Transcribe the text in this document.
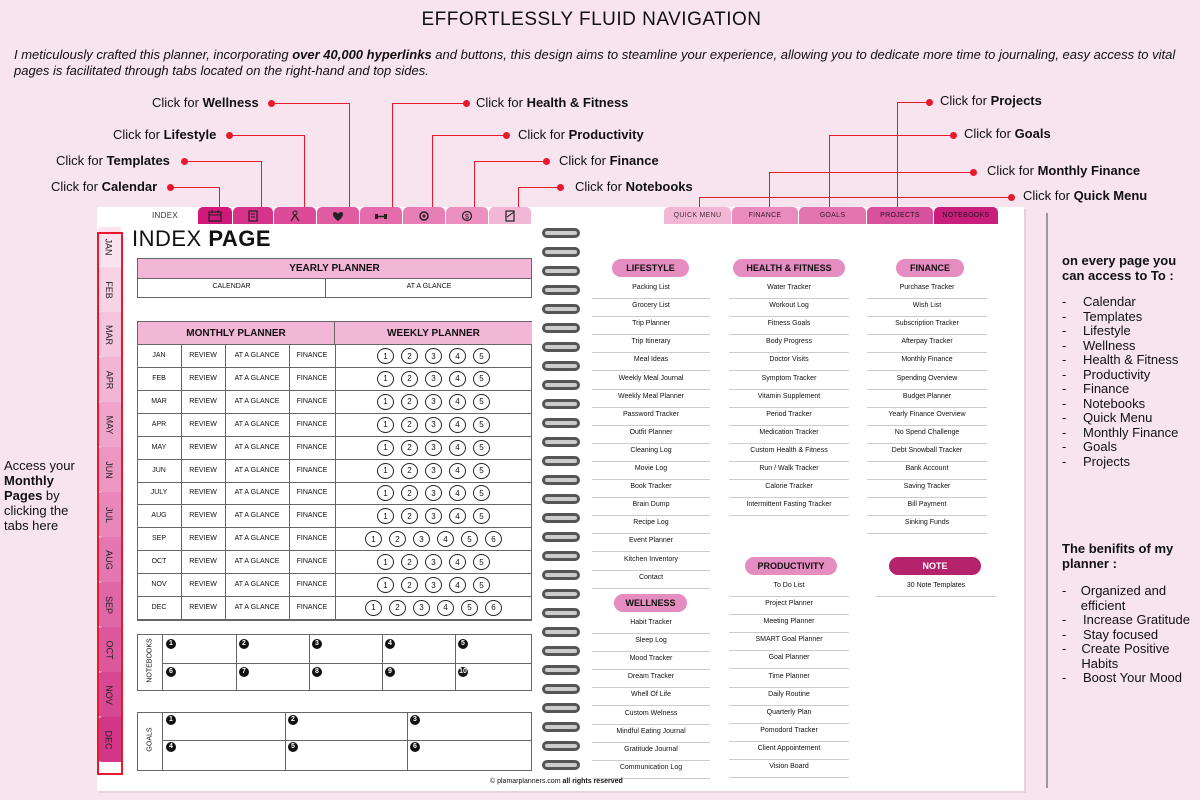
EFFORTLESSLY FLUID NAVIGATION
I meticulously crafted this planner, incorporating over 40,000 hyperlinks and buttons, this design aims to steamline your experience, allowing you to dedicate more time to journaling, easy access to vital pages is facilitated through tabs located on the right-hand and top sides.
Click for Wellness
Click for Lifestyle
Click for Templates
Click for Calendar
Click for Health & Fitness
Click for Productivity
Click for Finance
Click for Notebooks
Click for Projects
Click for Goals
Click for Monthly Finance
Click for Quick Menu
INDEX	$	QUICK MENU	FINANCE	GOALS	PROJECTS	NOTEBOOKS
JAN
FEB
MAR
APR
MAY
JUN
JUL
AUG
SEP
OCT
NOV
DEC
Access your Monthly Pages by clicking the tabs here
INDEX PAGE
YEARLY PLANNER
CALENDAR	AT A GLANCE
MONTHLY PLANNER	WEEKLY PLANNER
JAN	REVIEW	AT A GLANCE	FINANCE	1	2	3	4	5
FEB	REVIEW	AT A GLANCE	FINANCE	1	2	3	4	5
MAR	REVIEW	AT A GLANCE	FINANCE	1	2	3	4	5
APR	REVIEW	AT A GLANCE	FINANCE	1	2	3	4	5
MAY	REVIEW	AT A GLANCE	FINANCE	1	2	3	4	5
JUN	REVIEW	AT A GLANCE	FINANCE	1	2	3	4	5
JULY	REVIEW	AT A GLANCE	FINANCE	1	2	3	4	5
AUG	REVIEW	AT A GLANCE	FINANCE	1	2	3	4	5
SEP	REVIEW	AT A GLANCE	FINANCE	1	2	3	4	5	6
OCT	REVIEW	AT A GLANCE	FINANCE	1	2	3	4	5
NOV	REVIEW	AT A GLANCE	FINANCE	1	2	3	4	5
DEC	REVIEW	AT A GLANCE	FINANCE	1	2	3	4	5	6
NOTEBOOKS	1	2	3	4	5
6	7	8	9	10
GOALS
1	2	3
4	5	6
LIFESTYLE
Packing List
Grocery List
Trip Planner
Trip Itinerary
Meal Ideas
Weekly Meal Journal
Weekly Meal Planner
Password Tracker
Outfit Planner
Cleaning Log
Movie Log
Book Tracker
Brain Dump
Recipe Log
Event Planner
Kitchen Inventory
Contact
HEALTH & FITNESS
Water Tracker
Workout Log
Fitness Goals
Body Progress
Doctor Visits
Symptom Tracker
Vitamin Supplement
Period Tracker
Medication Tracker
Custom Health & Fitness
Run / Walk Tracker
Calorie Tracker
Intermittent Fasting Tracker
FINANCE
Purchase Tracker
Wish List
Subscription Tracker
Afterpay Tracker
Monthly Finance
Spending Overview
Budget Planner
Yearly Finance Overview
No Spend Challenge
Debt Snowball Tracker
Bank Account
Saving Tracker
Bill Payment
Sinking Funds
WELLNESS
Habit Tracker
Sleep Log
Mood Tracker
Dream Tracker
Whell Of Life
Custom Welness
Mindful Eating Journal
Gratitude Journal
Communication Log
PRODUCTIVITY
To Do List
Project Planner
Meeting Planner
SMART Goal Planner
Goal Planner
Time Planner
Daily Routine
Quarterly Plan
Pomodord Tracker
Client Appointement
Vision Board
NOTE
30 Note Templates
© plamarplanners.com all rights reserved
on every page you can access to To :
-	Calendar
-	Templates
-	Lifestyle
-	Wellness
-	Health & Fitness
-	Productivity
-	Finance
-	Notebooks
-	Quick Menu
-	Monthly Finance
-	Goals
-	Projects
The benifits of my planner :
-	Organized and efficient
-	Increase Gratitude
-	Stay focused
-	Create Positive Habits
-	Boost Your Mood
